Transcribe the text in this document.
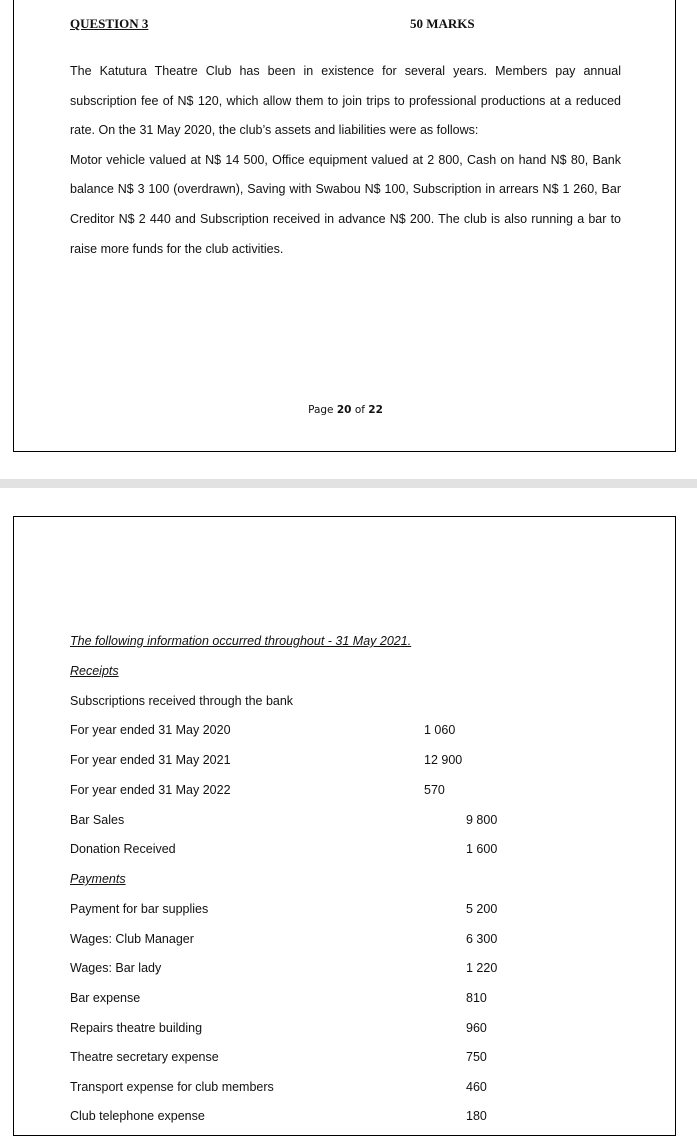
QUESTION 3	50 MARKS

The Katutura Theatre Club has been in existence for several years. Members pay annual subscription fee of N$ 120, which allow them to join trips to professional productions at a reduced rate. On the 31 May 2020, the club’s assets and liabilities were as follows:

Motor vehicle valued at N$ 14 500, Office equipment valued at 2 800, Cash on hand N$ 80, Bank balance N$ 3 100 (overdrawn), Saving with Swabou N$ 100, Subscription in arrears N$ 1 260, Bar Creditor N$ 2 440 and Subscription received in advance N$ 200. The club is also running a bar to raise more funds for the club activities.

Page 20 of 22
The following information occurred throughout - 31 May 2021.
Receipts
Subscriptions received through the bank
For year ended 31 May 2020	1 060
For year ended 31 May 2021	12 900
For year ended 31 May 2022	570
Bar Sales	9 800
Donation Received	1 600
Payments
Payment for bar supplies	5 200
Wages: Club Manager	6 300
Wages: Bar lady	1 220
Bar expense	810
Repairs theatre building	960
Theatre secretary expense	750
Transport expense for club members	460
Club telephone expense	180
